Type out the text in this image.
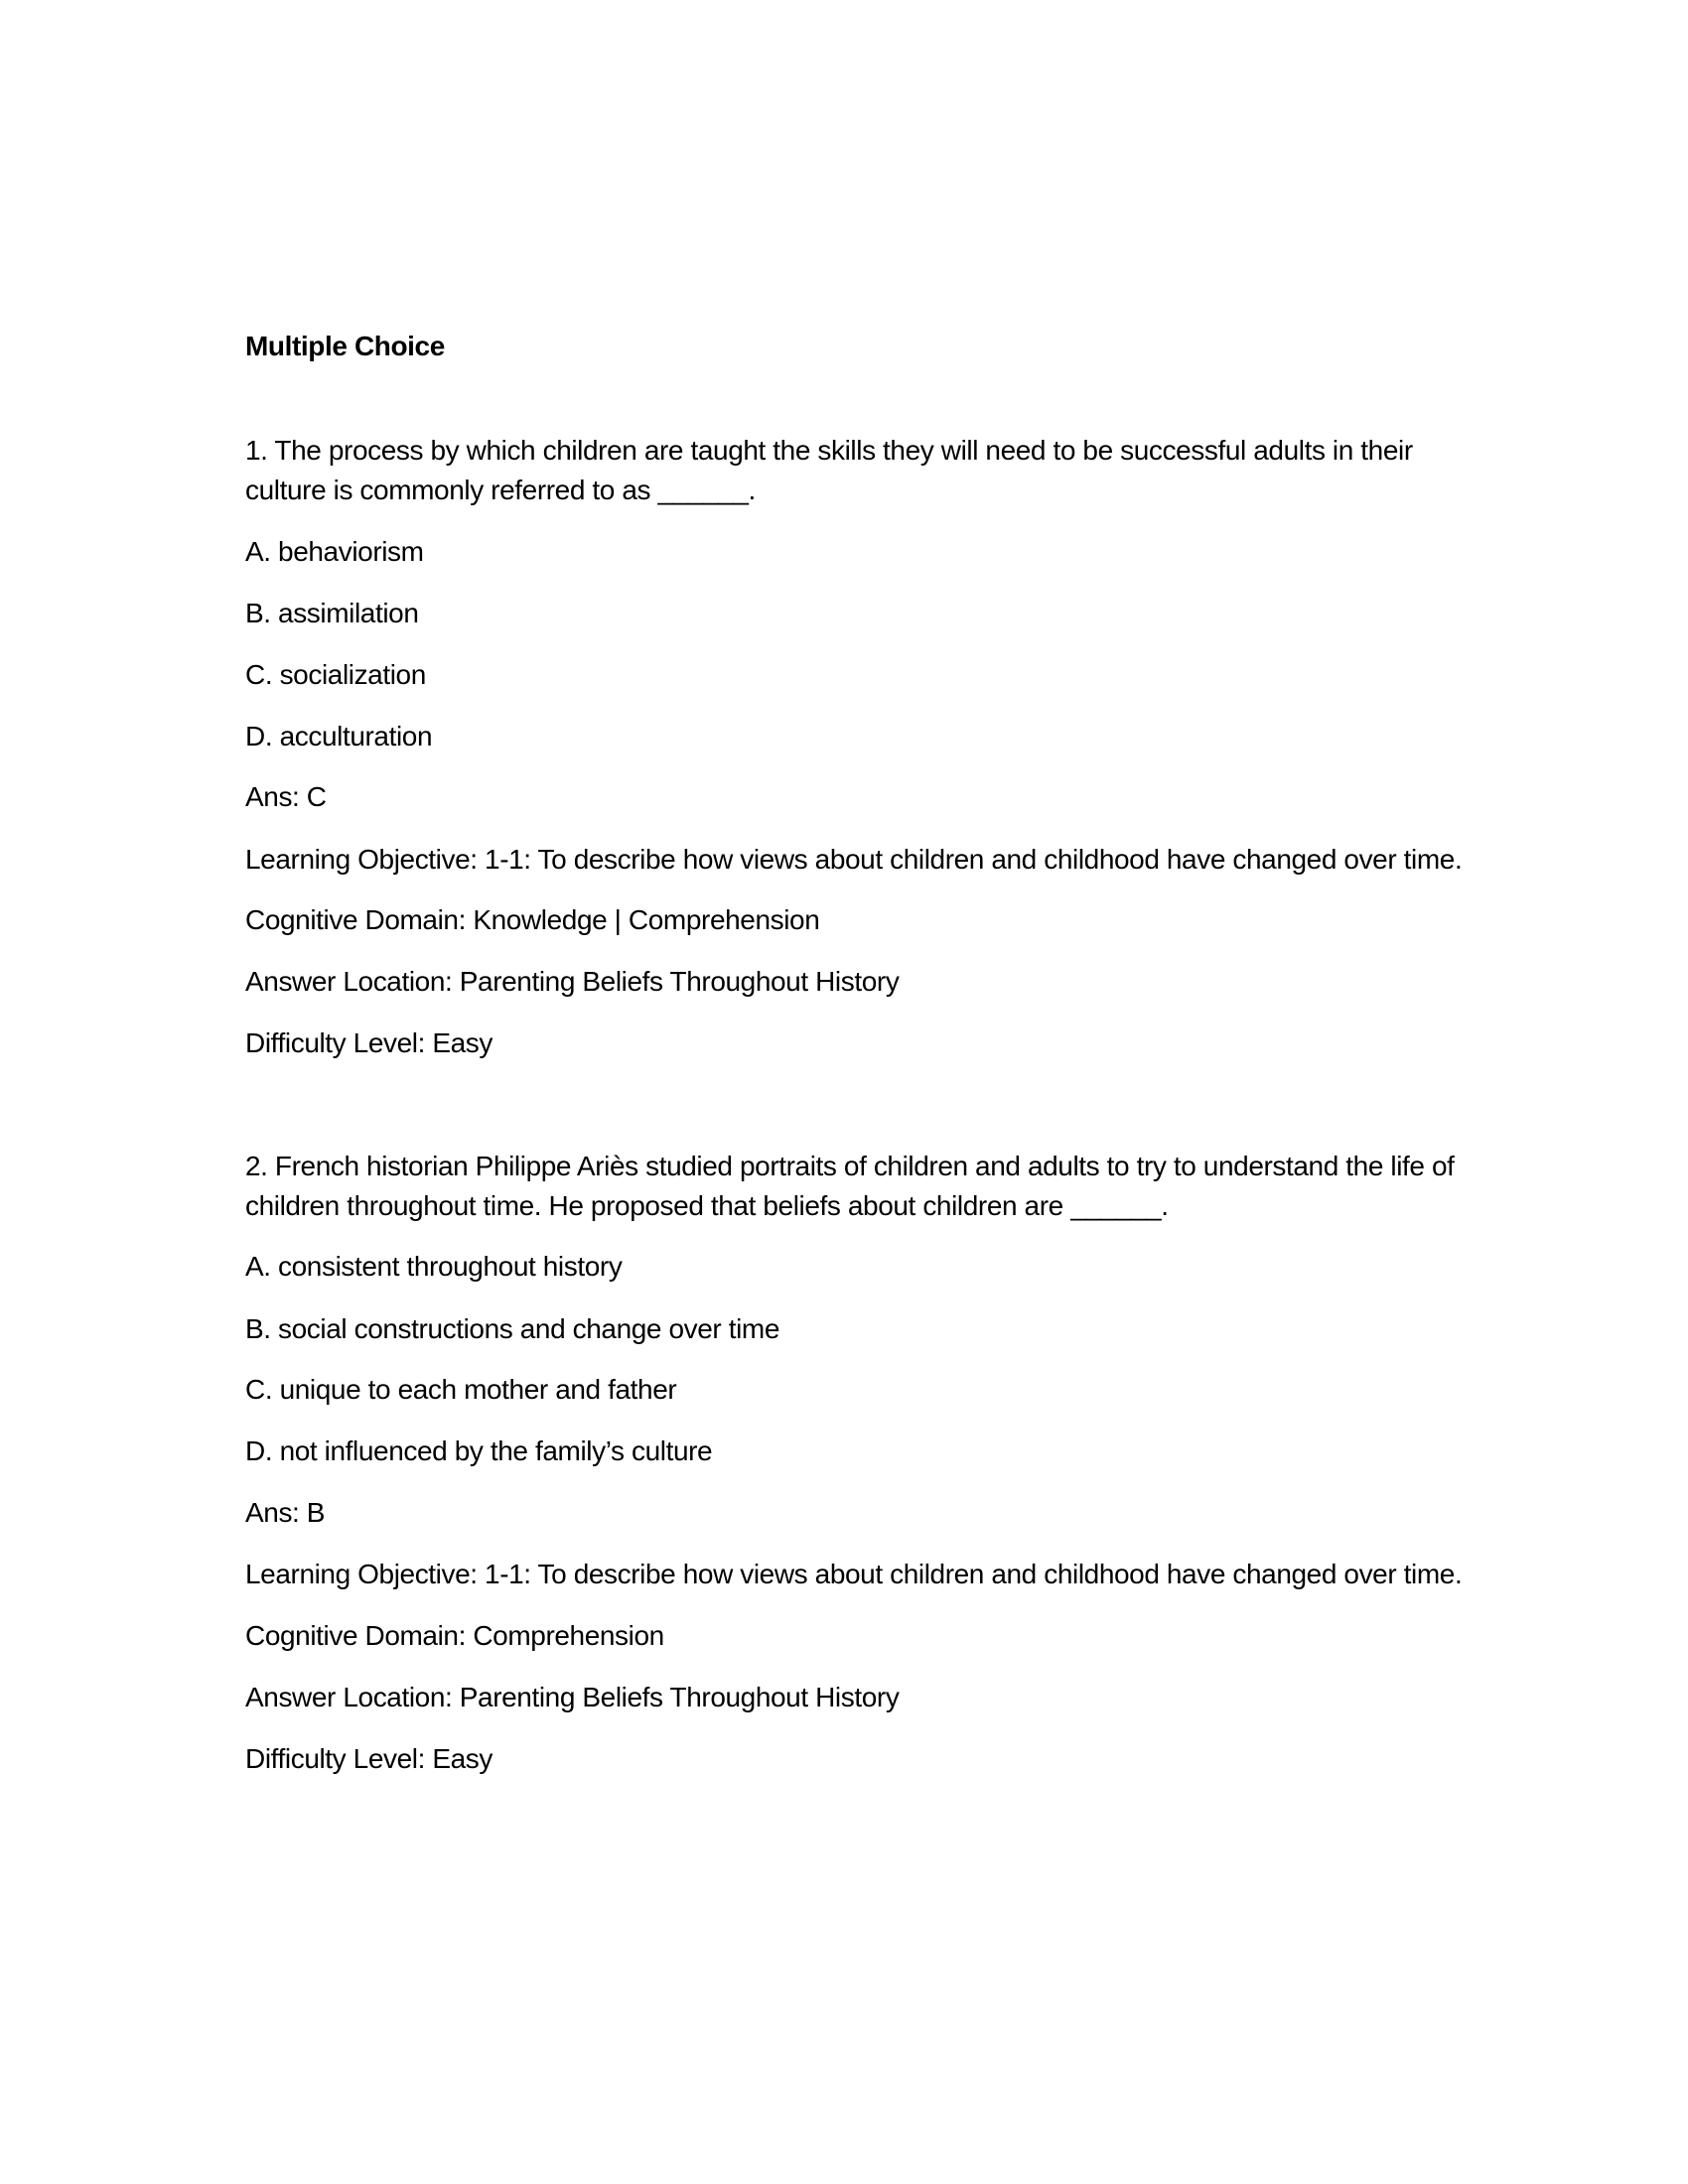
Multiple Choice
1. The process by which children are taught the skills they will need to be successful adults in their
culture is commonly referred to as ______.
A. behaviorism
B. assimilation
C. socialization
D. acculturation
Ans: C
Learning Objective: 1-1: To describe how views about children and childhood have changed over time.
Cognitive Domain: Knowledge | Comprehension
Answer Location: Parenting Beliefs Throughout History
Difficulty Level: Easy
2. French historian Philippe Ariès studied portraits of children and adults to try to understand the life of
children throughout time. He proposed that beliefs about children are ______.
A. consistent throughout history
B. social constructions and change over time
C. unique to each mother and father
D. not influenced by the family’s culture
Ans: B
Learning Objective: 1-1: To describe how views about children and childhood have changed over time.
Cognitive Domain: Comprehension
Answer Location: Parenting Beliefs Throughout History
Difficulty Level: Easy
